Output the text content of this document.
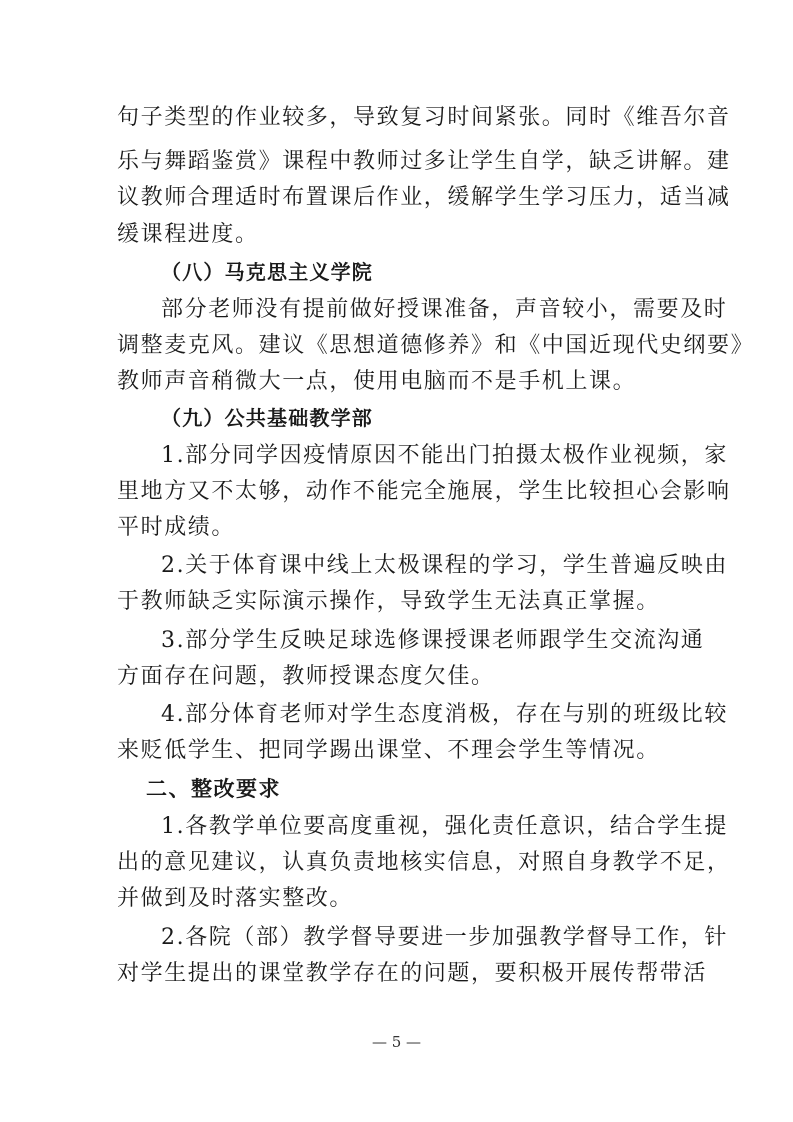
句子类型的作业较多，导致复习时间紧张。同时《维吾尔音
乐与舞蹈鉴赏》课程中教师过多让学生自学，缺乏讲解。建
议教师合理适时布置课后作业，缓解学生学习压力，适当减
缓课程进度。
（八）马克思主义学院
部分老师没有提前做好授课准备，声音较小，需要及时
调整麦克风。建议《思想道德修养》和《中国近现代史纲要》
教师声音稍微大一点，使用电脑而不是手机上课。
（九）公共基础教学部
1.部分同学因疫情原因不能出门拍摄太极作业视频，家
里地方又不太够，动作不能完全施展，学生比较担心会影响
平时成绩。
2.关于体育课中线上太极课程的学习，学生普遍反映由
于教师缺乏实际演示操作，导致学生无法真正掌握。
3.部分学生反映足球选修课授课老师跟学生交流沟通
方面存在问题，教师授课态度欠佳。
4.部分体育老师对学生态度消极，存在与别的班级比较
来贬低学生、把同学踢出课堂、不理会学生等情况。
二、整改要求
1.各教学单位要高度重视，强化责任意识，结合学生提
出的意见建议，认真负责地核实信息，对照自身教学不足，
并做到及时落实整改。
2.各院（部）教学督导要进一步加强教学督导工作，针
对学生提出的课堂教学存在的问题，要积极开展传帮带活
— 5 —
